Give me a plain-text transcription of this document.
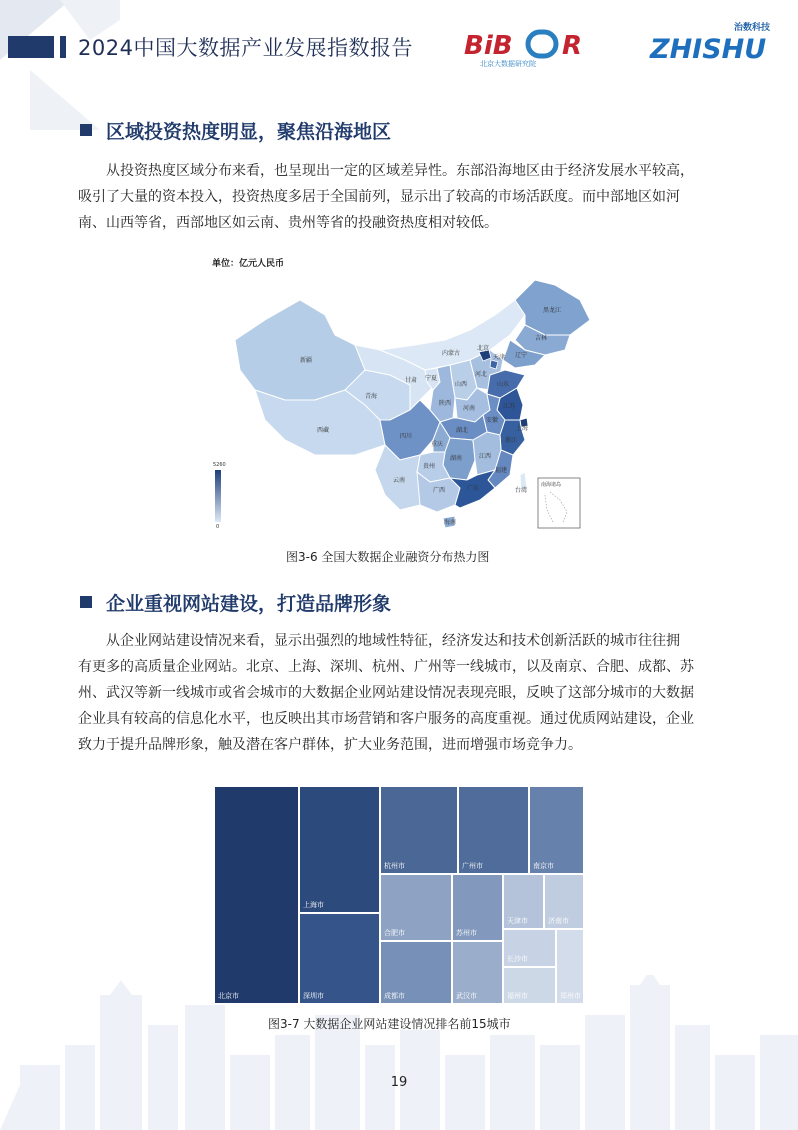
2024中国大数据产业发展指数报告 BiB R
北京大数据研究院
治数科技
ZHISHU
区域投资热度明显，聚焦沿海地区

从投资热度区域分布来看，也呈现出一定的区域差异性。东部沿海地区由于经济发展水平较高，

吸引了大量的资本投入，投资热度多居于全国前列，显示出了较高的市场活跃度。而中部地区如河

南、山西等省，西部地区如云南、贵州等省的投融资热度相对较低。

单位：亿元人民币
新疆
西藏
青海
甘肃
内蒙古
黑龙江
吉林
辽宁
北京
天津
河北
山西
宁夏
陕西
山东
河南	江苏
上海
安徽
湖北
四川
重庆
浙江
湖南	江西
贵州
云南
福建
广西	广东
海南
台湾
5260
0
南海诸岛
图3-6 全国大数据企业融资分布热力图
企业重视网站建设，打造品牌形象

从企业网站建设情况来看，显示出强烈的地域性特征，经济发达和技术创新活跃的城市往往拥

有更多的高质量企业网站。北京、上海、深圳、杭州、广州等一线城市，以及南京、合肥、成都、苏

州、武汉等新一线城市或省会城市的大数据企业网站建设情况表现亮眼，反映了这部分城市的大数据

企业具有较高的信息化水平，也反映出其市场营销和客户服务的高度重视。通过优质网站建设，企业

致力于提升品牌形象，触及潜在客户群体，扩大业务范围，进而增强市场竞争力。

北京市
上海市
深圳市
杭州市	广州市	南京市
合肥市	苏州市
成都市	武汉市
天津市	济南市
长沙市
福州市	郑州市
图3-7 大数据企业网站建设情况排名前15城市
19
